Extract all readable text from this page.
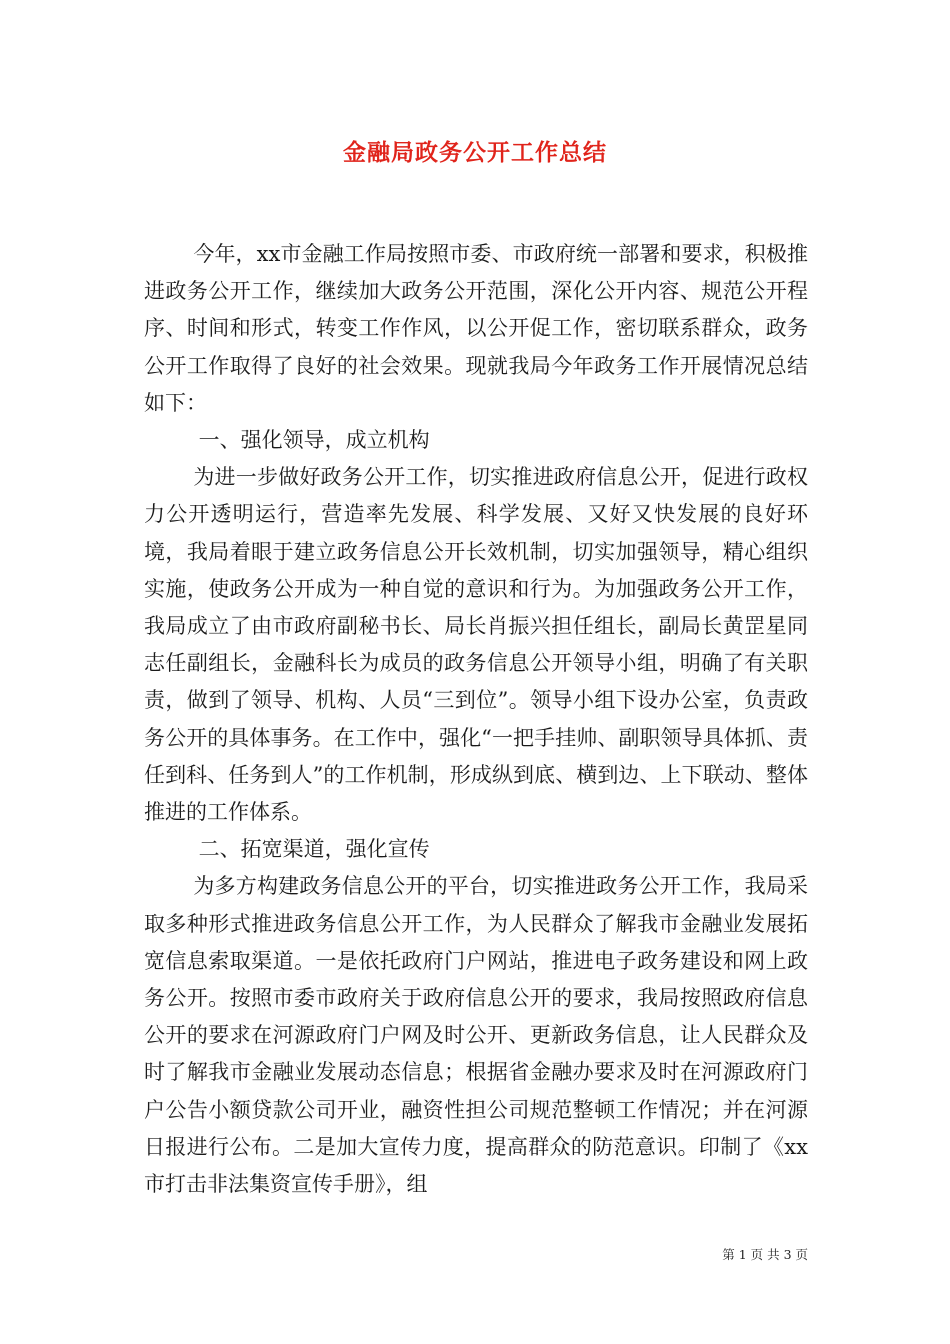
金融局政务公开工作总结

今年，xx市金融工作局按照市委、市政府统一部署和要求，积极推进政务公开工作，继续加大政务公开范围，深化公开内容、规范公开程序、时间和形式，转变工作作风，以公开促工作，密切联系群众，政务公开工作取得了良好的社会效果。现就我局今年政务工作开展情况总结如下：

一、强化领导，成立机构

为进一步做好政务公开工作，切实推进政府信息公开，促进行政权力公开透明运行，营造率先发展、科学发展、又好又快发展的良好环境，我局着眼于建立政务信息公开长效机制，切实加强领导，精心组织实施，使政务公开成为一种自觉的意识和行为。为加强政务公开工作，我局成立了由市政府副秘书长、局长肖振兴担任组长，副局长黄罡星同志任副组长，金融科长为成员的政务信息公开领导小组，明确了有关职责，做到了领导、机构、人员“三到位”。领导小组下设办公室，负责政务公开的具体事务。在工作中，强化“一把手挂帅、副职领导具体抓、责任到科、任务到人”的工作机制，形成纵到底、横到边、上下联动、整体推进的工作体系。

二、拓宽渠道，强化宣传

为多方构建政务信息公开的平台，切实推进政务公开工作，我局采取多种形式推进政务信息公开工作，为人民群众了解我市金融业发展拓宽信息索取渠道。一是依托政府门户网站，推进电子政务建设和网上政务公开。按照市委市政府关于政府信息公开的要求，我局按照政府信息公开的要求在河源政府门户网及时公开、更新政务信息，让人民群众及时了解我市金融业发展动态信息；根据省金融办要求及时在河源政府门户公告小额贷款公司开业，融资性担公司规范整顿工作情况；并在河源日报进行公布。二是加大宣传力度，提高群众的防范意识。印制了《xx市打击非法集资宣传手册》，组

第 1 页 共 3 页
